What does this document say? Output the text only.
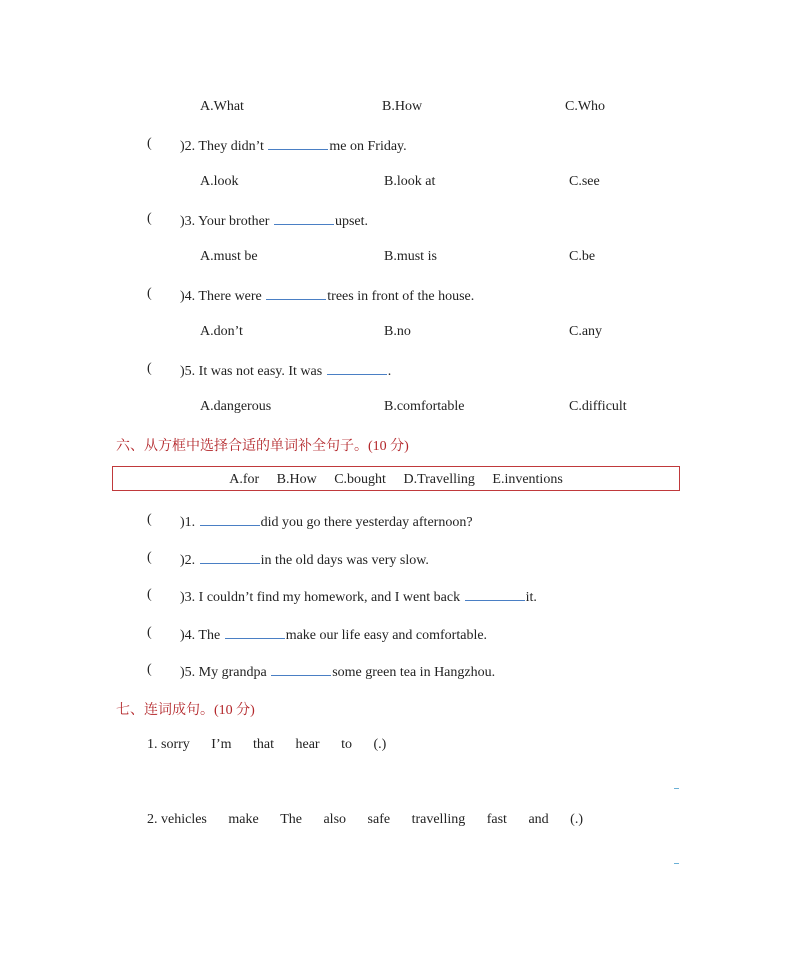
A.What	B.How	C.Who
( )2. They didn’t	me on Friday.
A.look	B.look at	C.see
( )3. Your brother	upset.
A.must be	B.must is	C.be
( )4. There were	trees in front of the house.
A.don’t	B.no	C.any
( )5. It was not easy. It was	.
A.dangerous	B.comfortable	C.difficult
六、从方框中选择合适的单词补全句子。(10 分)
A.for B.How C.bought D.Travelling E.inventions
( )1.	did you go there yesterday afternoon?
( )2.	in the old days was very slow.
( )3. I couldn’t find my homework, and I went back	it.
( )4. The	make our life easy and comfortable.
( )5. My grandpa	some green tea in Hangzhou.
七、连词成句。(10 分)
1. sorry I’m that hear to (.)
2. vehicles make The also safe travelling fast and (.)
